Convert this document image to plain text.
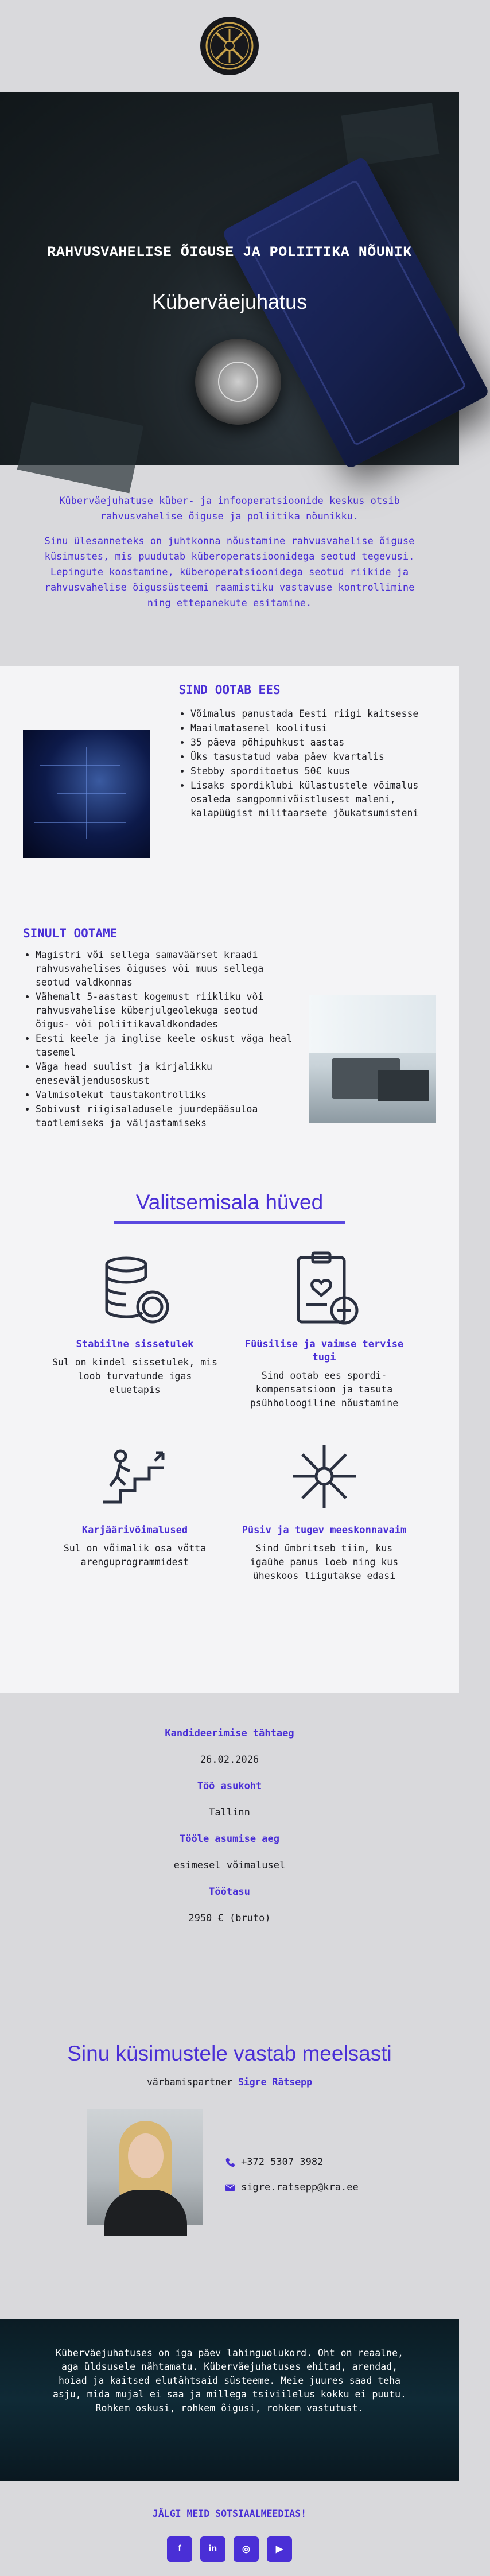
RAHVUSVAHELISE ÕIGUSE JA POLIITIKA NÕUNIK
Küberväejuhatus

Küberväejuhatuse küber- ja infooperatsioonide keskus otsib rahvusvahelise õiguse ja poliitika nõunikku.

Sinu ülesanneteks on juhtkonna nõustamine rahvusvahelise õiguse küsimustes, mis puudutab küberoperatsioonidega seotud tegevusi. Lepingute koostamine, küberoperatsioonidega seotud riikide ja rahvusvahelise õigussüsteemi raamistiku vastavuse kontrollimine ning ettepanekute esitamine.

SIND OOTAB EES
• Võimalus panustada Eesti riigi kaitsesse
• Maailmatasemel koolitusi
• 35 päeva põhipuhkust aastas
• Üks tasustatud vaba päev kvartalis
• Stebby sporditoetus 50€ kuus
• Lisaks spordiklubi külastustele võimalus osaleda sangpommivõistlusest maleni, kalapüügist militaarsete jõukatsumisteni
SINULT OOTAME
• Magistri või sellega samaväärset kraadi rahvusvahelises õiguses või muus sellega seotud valdkonnas
• Vähemalt 5-aastast kogemust riikliku või rahvusvahelise küberjulgeolekuga seotud õigus- või poliitikavaldkondades
• Eesti keele ja inglise keele oskust väga heal tasemel
• Väga head suulist ja kirjalikku eneseväljendusoskust
• Valmisolekut taustakontrolliks
• Sobivust riigisaladusele juurdepääsuloa taotlemiseks ja väljastamiseks
Valitsemisala hüved
Stabiilne sissetulek
Sul on kindel sissetulek, mis loob turvatunde igas eluetapis
Füüsilise ja vaimse tervise tugi
Sind ootab ees spordi-kompensatsioon ja tasuta psühholoogiline nõustamine
Karjäärivõimalused
Sul on võimalik osa võtta arenguprogrammidest
Püsiv ja tugev meeskonnavaim
Sind ümbritseb tiim, kus igaühe panus loeb ning kus üheskoos liigutakse edasi
Kandideerimise tähtaeg
26.02.2026
Töö asukoht
Tallinn
Tööle asumise aeg
esimesel võimalusel
Töötasu
2950 € (bruto)
Sinu küsimustele vastab meelsasti
värbamispartner Sigre Rätsepp
+372 5307 3982
sigre.ratsepp@kra.ee

Küberväejuhatuses on iga päev lahinguolukord. Oht on reaalne, aga üldsusele nähtamatu. Küberväejuhatuses ehitad, arendad, hoiad ja kaitsed elutähtsaid süsteeme. Meie juures saad teha asju, mida mujal ei saa ja millega tsiviilelus kokku ei puutu. Rohkem oskusi, rohkem õigusi, rohkem vastutust.

JÄLGI MEID SOTSIAALMEEDIAS!
f	in	◎	▶
